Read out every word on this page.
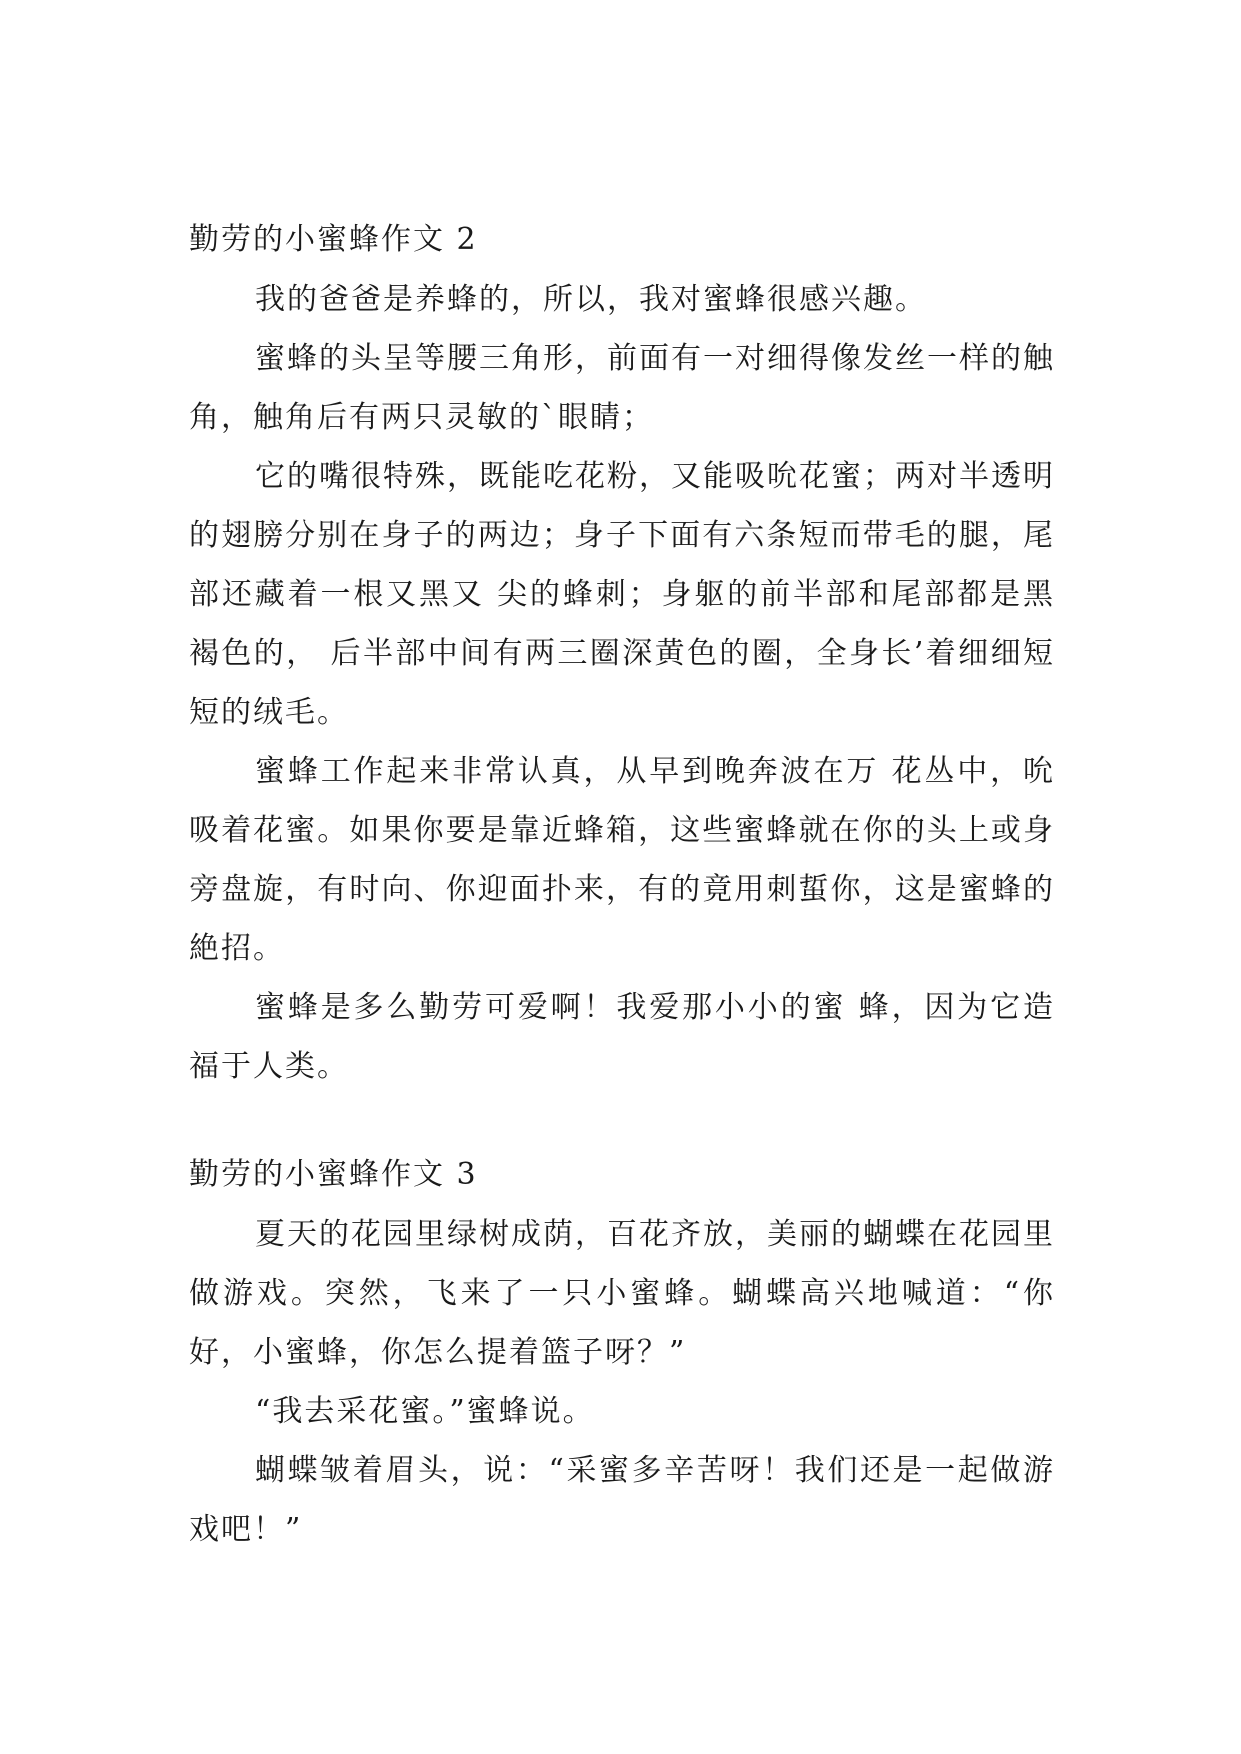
勤劳的小蜜蜂作文 2

我的爸爸是养蜂的，所以，我对蜜蜂很感兴趣。

蜜蜂的头呈等腰三角形，前面有一对细得像发丝一样的触角，触角后有两只灵敏的`眼睛；

它的嘴很特殊，既能吃花粉，又能吸吮花蜜；两对半透明的翅膀分别在身子的两边；身子下面有六条短而带毛的腿，尾部还藏着一根又黑又 尖的蜂刺；身躯的前半部和尾部都是黑褐色的， 后半部中间有两三圈深黄色的圈，全身长’着细细短短的绒毛。

蜜蜂工作起来非常认真，从早到晚奔波在万 花丛中，吮吸着花蜜。如果你要是靠近蜂箱，这些蜜蜂就在你的头上或身旁盘旋，有时向、你迎面扑来，有的竟用刺蜇你，这是蜜蜂的絶招。

蜜蜂是多么勤劳可爱啊！我爱那小小的蜜 蜂，因为它造福于人类。

勤劳的小蜜蜂作文 3

夏天的花园里绿树成荫，百花齐放，美丽的蝴蝶在花园里做游戏。突然，飞来了一只小蜜蜂。蝴蝶高兴地喊道：“你好，小蜜蜂，你怎么提着篮子呀？”

“我去采花蜜。”蜜蜂说。

蝴蝶皱着眉头，说：“采蜜多辛苦呀！我们还是一起做游戏吧！”
